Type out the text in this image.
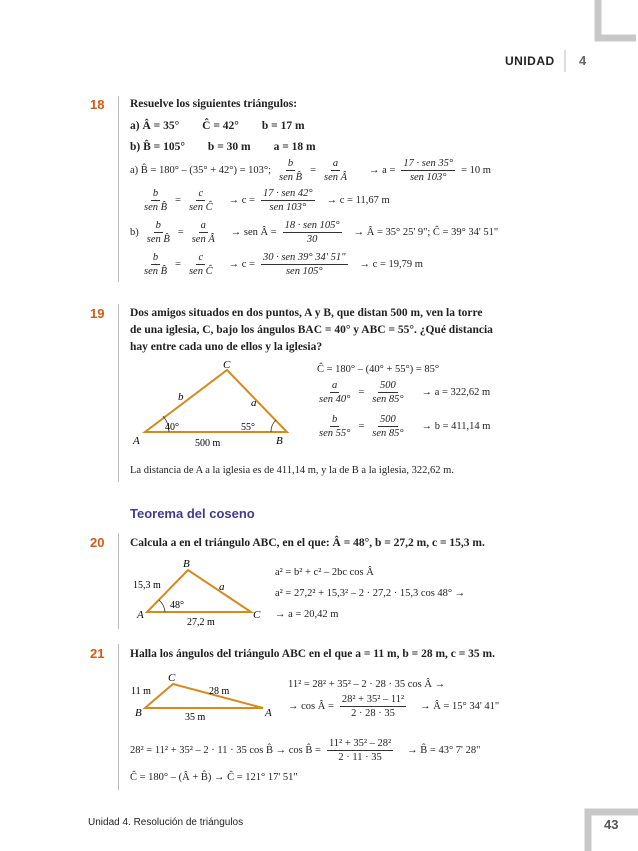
UNIDAD 4
18 Resuelve los siguientes triángulos:
a) Â = 35°        Ĉ = 42°        b = 17 m
b) B̂ = 105°        b = 30 m        a = 18 m
a) B̂ = 180° – (35° + 42°) = 103°; $\frac{b}{\text{sen B̂}} = \frac{a}{\text{sen Â}} \to a = \frac{\text{17 · sen 35°}}{\text{sen 103°}} = 10$ m
$\frac{b}{\text{sen B̂}} = \frac{c}{\text{sen Ĉ}} \to c = \frac{\text{17 · sen 42°}}{\text{sen 103°}} \to c = 11,67$ m
$b) \frac{b}{\text{sen B̂}} = \frac{a}{\text{sen Â}}$ → sen Â = $\frac{\text{18 · sen 105°}}{30}$ → Â = 35° 25' 9"; Ĉ = 39° 34' 51"
$\frac{b}{\text{sen B̂}} = \frac{c}{\text{sen Ĉ}} \to c = \frac{\text{30 · sen 39° 34' 51"}}{\text{sen 105°}} \to c = 19,79$ m
19 Dos amigos situados en dos puntos, A y B, que distan 500 m, ven la torre
de una iglesia, C, bajo los ángulos BAC = 40° y ABC = 55°. ¿Qué distancia
hay entre cada uno de ellos y la iglesia?
A	B
C
b	a
40°	55°
500 m
Ĉ = 180° – (40° + 55°) = 85°
$\frac{a}{\text{sen 40°}} = \frac{500}{\text{sen 85°}} \to a = 322,62$ m
$\frac{b}{\text{sen 55°}} = \frac{500}{\text{sen 85°}} \to b = 411,14$ m
La distancia de A a la iglesia es de 411,14 m, y la de B a la iglesia, 322,62 m.
Teorema del coseno
20 Calcula a en el triángulo ABC, en el que: Â = 48°, b = 27,2 m, c = 15,3 m.
A	C
B
a
15,3 m
48°
27,2 m
a² = b² + c² – 2bc cos Â
a² = 27,2² + 15,3² – 2 · 27,2 · 15,3 cos 48° →
→ a = 20,42 m
21 Halla los ángulos del triángulo ABC en el que a = 11 m, b = 28 m, c = 35 m.
B	A
C
11 m	28 m
35 m
11² = 28² + 35² – 2 · 28 · 35 cos Â →
→ cos Â = $\frac{\text{28² + 35² – 11²}}{2 \cdot 28 \cdot 35}$ → Â = 15° 34' 41"
28² = 11² + 35² – 2 · 11 · 35 cos B̂ → cos B̂ = $\frac{\text{11² + 35² – 28²}}{2 \cdot 11 \cdot 35}$ → B̂ = 43° 7' 28"
Ĉ = 180° – (Â + B̂) → Ĉ = 121° 17' 51"
Unidad 4. Resolución de triángulos	43
